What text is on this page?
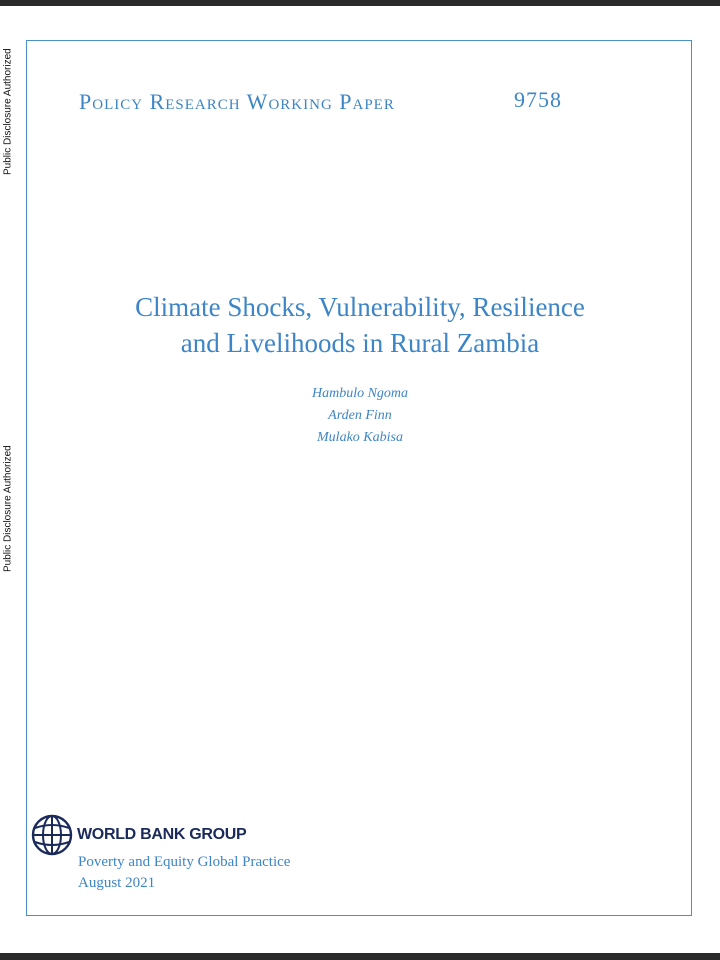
Public Disclosure Authorized
Public Disclosure Authorized
Policy Research Working Paper	9758
Climate Shocks, Vulnerability, Resilience
and Livelihoods in Rural Zambia
Hambulo Ngoma
Arden Finn
Mulako Kabisa
WORLD BANK GROUP
Poverty and Equity Global Practice
August 2021
